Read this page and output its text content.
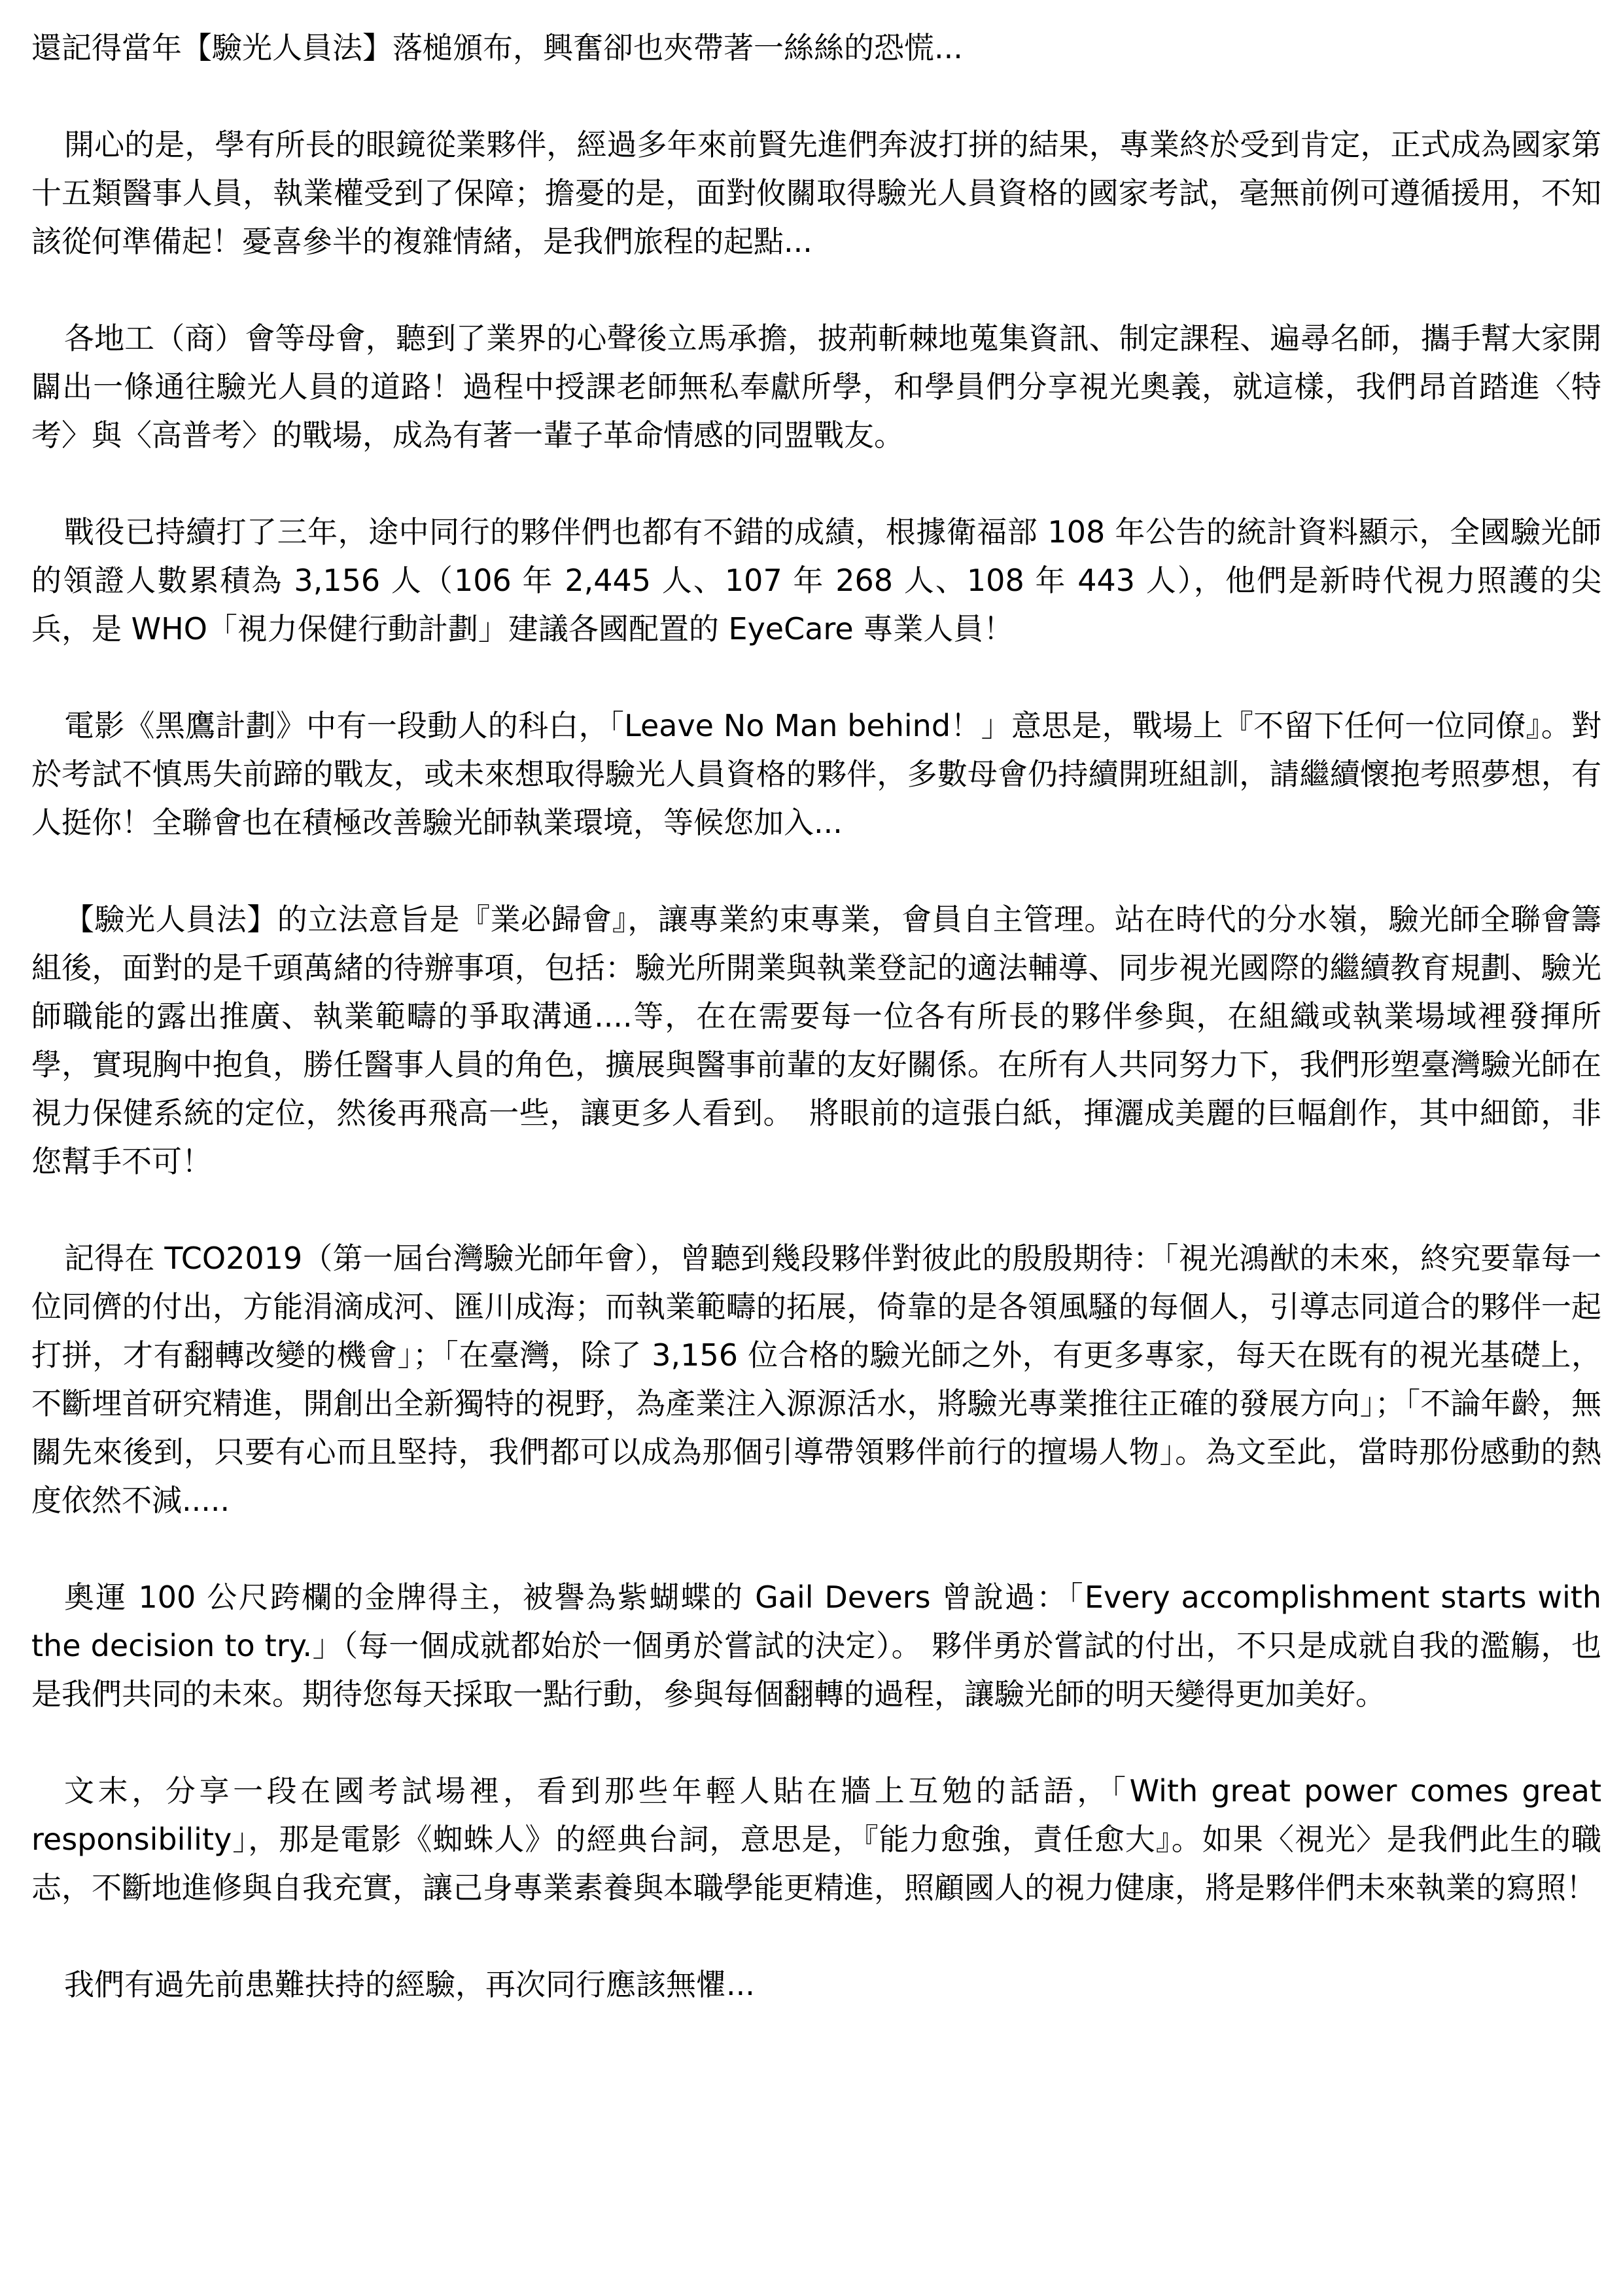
還記得當年【驗光人員法】落槌頒布，興奮卻也夾帶著一絲絲的恐慌...

開心的是，學有所長的眼鏡從業夥伴，經過多年來前賢先進們奔波打拼的結果，專業終於受到肯定，正式成為國家第十五類醫事人員，執業權受到了保障；擔憂的是，面對攸關取得驗光人員資格的國家考試，毫無前例可遵循援用，不知該從何準備起！憂喜參半的複雜情緒，是我們旅程的起點...

各地工（商）會等母會，聽到了業界的心聲後立馬承擔，披荊斬棘地蒐集資訊、制定課程、遍尋名師，攜手幫大家開闢出一條通往驗光人員的道路！過程中授課老師無私奉獻所學，和學員們分享視光奧義，就這樣，我們昂首踏進〈特考〉與〈高普考〉的戰場，成為有著一輩子革命情感的同盟戰友。

戰役已持續打了三年，途中同行的夥伴們也都有不錯的成績，根據衛福部 108 年公告的統計資料顯示，全國驗光師的領證人數累積為 3,156 人（106 年 2,445 人、107 年 268 人、108 年 443 人），他們是新時代視力照護的尖兵，是 WHO「視力保健行動計劃」建議各國配置的 EyeCare 專業人員！

電影《黑鷹計劃》中有一段動人的科白，「Leave No Man behind！」意思是，戰場上『不留下任何一位同僚』。對於考試不慎馬失前蹄的戰友，或未來想取得驗光人員資格的夥伴，多數母會仍持續開班組訓，請繼續懷抱考照夢想，有人挺你！全聯會也在積極改善驗光師執業環境，等候您加入...

【驗光人員法】的立法意旨是『業必歸會』，讓專業約束專業，會員自主管理。站在時代的分水嶺，驗光師全聯會籌組後，面對的是千頭萬緒的待辦事項，包括：驗光所開業與執業登記的適法輔導、同步視光國際的繼續教育規劃、驗光師職能的露出推廣、執業範疇的爭取溝通....等，在在需要每一位各有所長的夥伴參與，在組織或執業場域裡發揮所學，實現胸中抱負，勝任醫事人員的角色，擴展與醫事前輩的友好關係。在所有人共同努力下，我們形塑臺灣驗光師在視力保健系統的定位，然後再飛高一些，讓更多人看到。　將眼前的這張白紙，揮灑成美麗的巨幅創作，其中細節，非您幫手不可！

記得在 TCO2019（第一屆台灣驗光師年會），曾聽到幾段夥伴對彼此的殷殷期待：「視光鴻猷的未來，終究要靠每一位同儕的付出，方能涓滴成河、匯川成海；而執業範疇的拓展，倚靠的是各領風騷的每個人，引導志同道合的夥伴一起打拼，才有翻轉改變的機會」；「在臺灣，除了 3,156 位合格的驗光師之外，有更多專家，每天在既有的視光基礎上，不斷埋首研究精進，開創出全新獨特的視野，為產業注入源源活水，將驗光專業推往正確的發展方向」；「不論年齡，無關先來後到，只要有心而且堅持，我們都可以成為那個引導帶領夥伴前行的擅場人物」。為文至此，當時那份感動的熱度依然不減.....

奧運 100 公尺跨欄的金牌得主，被譽為紫蝴蝶的 Gail Devers 曾說過：「Every accomplishment starts with the decision to try.」（每一個成就都始於一個勇於嘗試的決定）。 夥伴勇於嘗試的付出，不只是成就自我的濫觴，也是我們共同的未來。期待您每天採取一點行動，參與每個翻轉的過程，讓驗光師的明天變得更加美好。

文末，分享一段在國考試場裡，看到那些年輕人貼在牆上互勉的話語，「With great power comes great responsibility」，那是電影《蜘蛛人》的經典台詞，意思是，『能力愈強，責任愈大』。如果〈視光〉是我們此生的職志，不斷地進修與自我充實，讓己身專業素養與本職學能更精進，照顧國人的視力健康，將是夥伴們未來執業的寫照！

我們有過先前患難扶持的經驗，再次同行應該無懼...
